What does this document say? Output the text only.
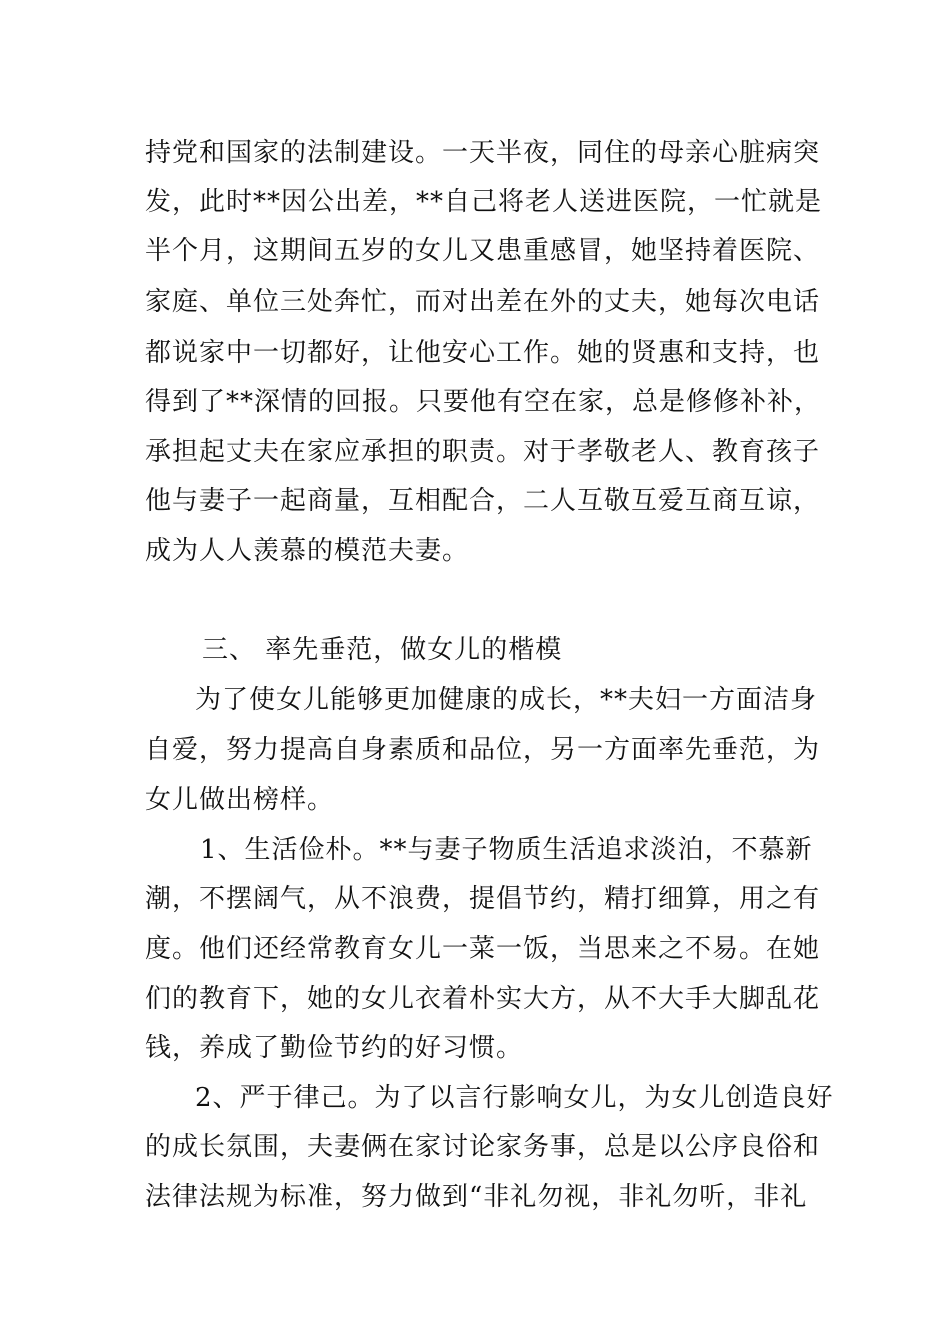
持党和国家的法制建设。一天半夜，同住的母亲心脏病突
发，此时**因公出差，**自己将老人送进医院，一忙就是
半个月，这期间五岁的女儿又患重感冒，她坚持着医院、
家庭、单位三处奔忙，而对出差在外的丈夫，她每次电话
都说家中一切都好，让他安心工作。她的贤惠和支持，也
得到了**深情的回报。只要他有空在家，总是修修补补，
承担起丈夫在家应承担的职责。对于孝敬老人、教育孩子
他与妻子一起商量，互相配合，二人互敬互爱互商互谅，
成为人人羡慕的模范夫妻。
三、 率先垂范，做女儿的楷模
为了使女儿能够更加健康的成长，**夫妇一方面洁身
自爱，努力提高自身素质和品位，另一方面率先垂范，为
女儿做出榜样。
1、生活俭朴。**与妻子物质生活追求淡泊，不慕新
潮，不摆阔气，从不浪费，提倡节约，精打细算，用之有
度。他们还经常教育女儿一菜一饭，当思来之不易。在她
们的教育下，她的女儿衣着朴实大方，从不大手大脚乱花
钱，养成了勤俭节约的好习惯。
2、严于律己。为了以言行影响女儿，为女儿创造良好
的成长氛围，夫妻俩在家讨论家务事，总是以公序良俗和
法律法规为标准，努力做到“非礼勿视，非礼勿听，非礼
